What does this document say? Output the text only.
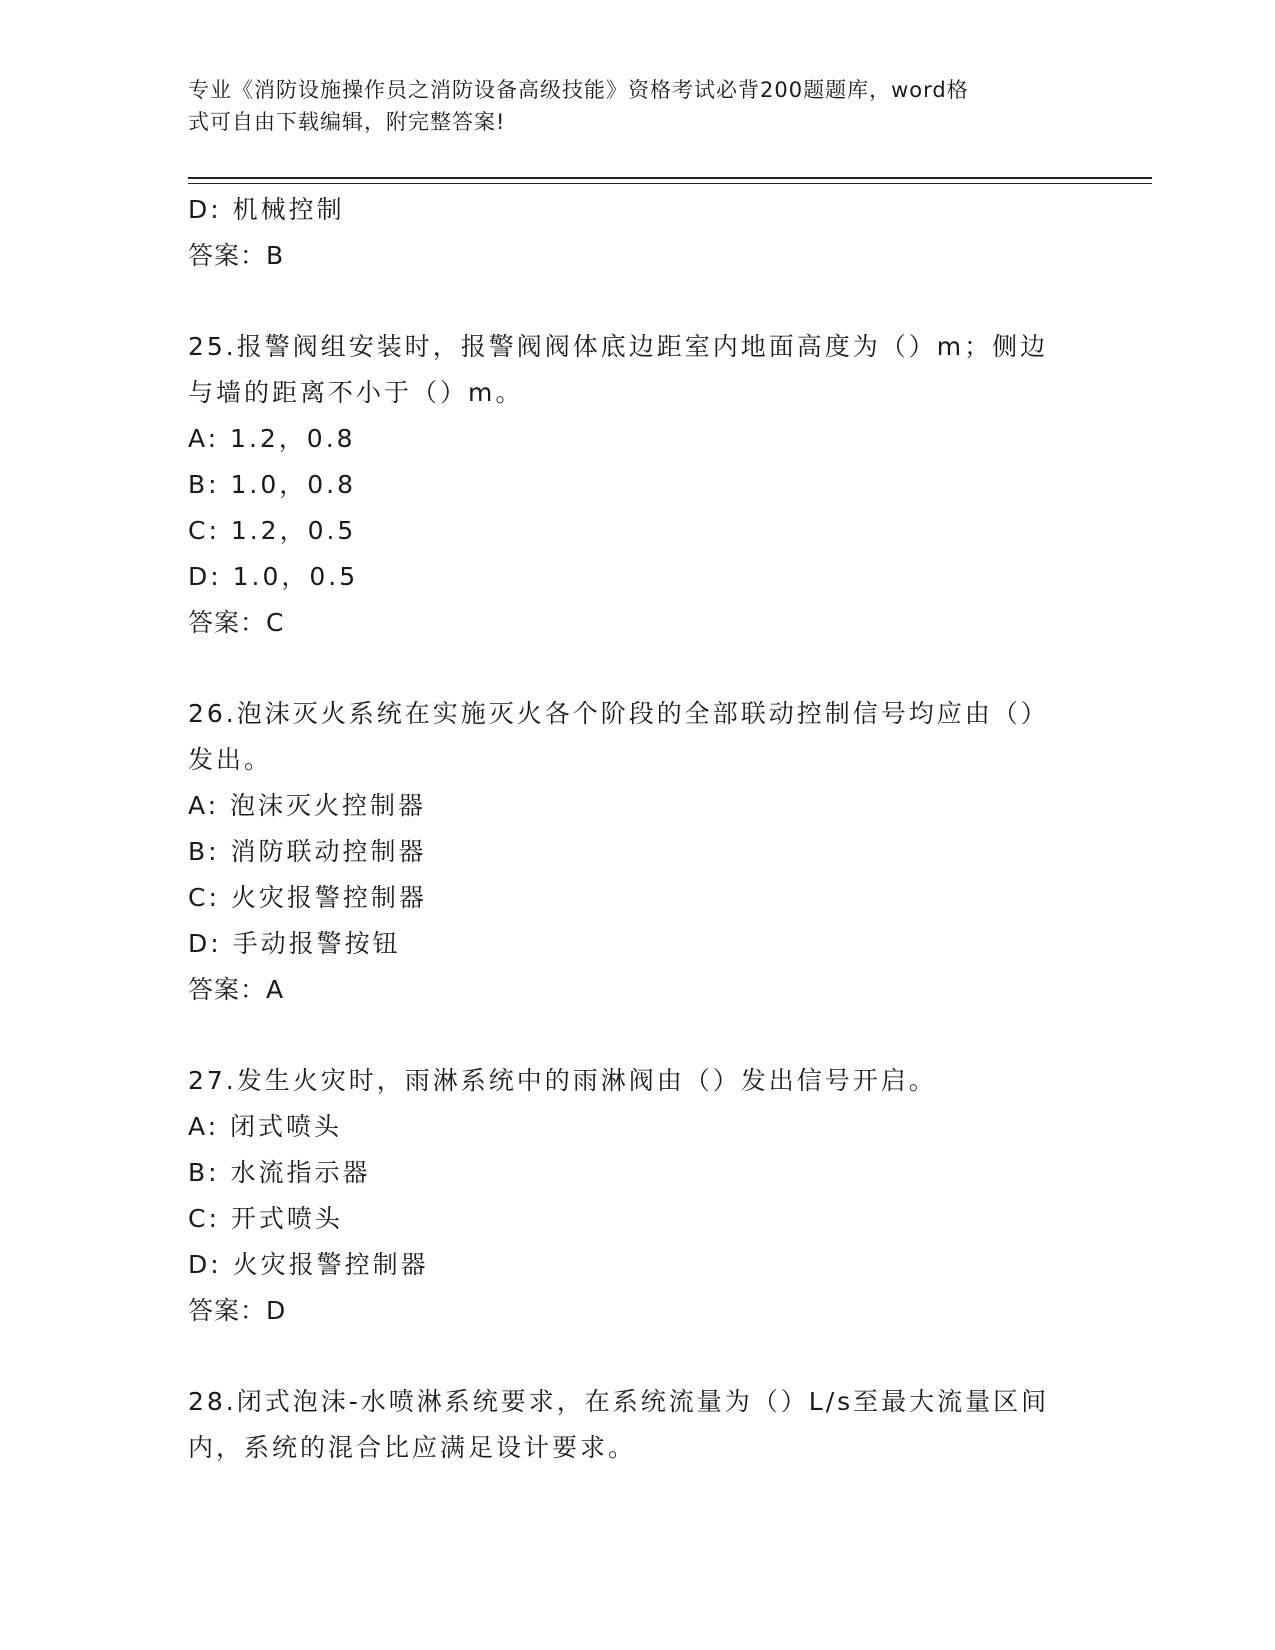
专业《消防设施操作员之消防设备高级技能》资格考试必背200题题库，word格
式可自由下载编辑，附完整答案!
D: 机械控制
答案：B
25.报警阀组安装时，报警阀阀体底边距室内地面高度为（）m；侧边
与墙的距离不小于（）m。
A: 1.2，0.8
B: 1.0，0.8
C: 1.2，0.5
D: 1.0，0.5
答案：C
26.泡沫灭火系统在实施灭火各个阶段的全部联动控制信号均应由（）
发出。
A: 泡沫灭火控制器
B: 消防联动控制器
C: 火灾报警控制器
D: 手动报警按钮
答案：A
27.发生火灾时，雨淋系统中的雨淋阀由（）发出信号开启。
A: 闭式喷头
B: 水流指示器
C: 开式喷头
D: 火灾报警控制器
答案：D
28.闭式泡沫-水喷淋系统要求，在系统流量为（）L/s至最大流量区间
内，系统的混合比应满足设计要求。
